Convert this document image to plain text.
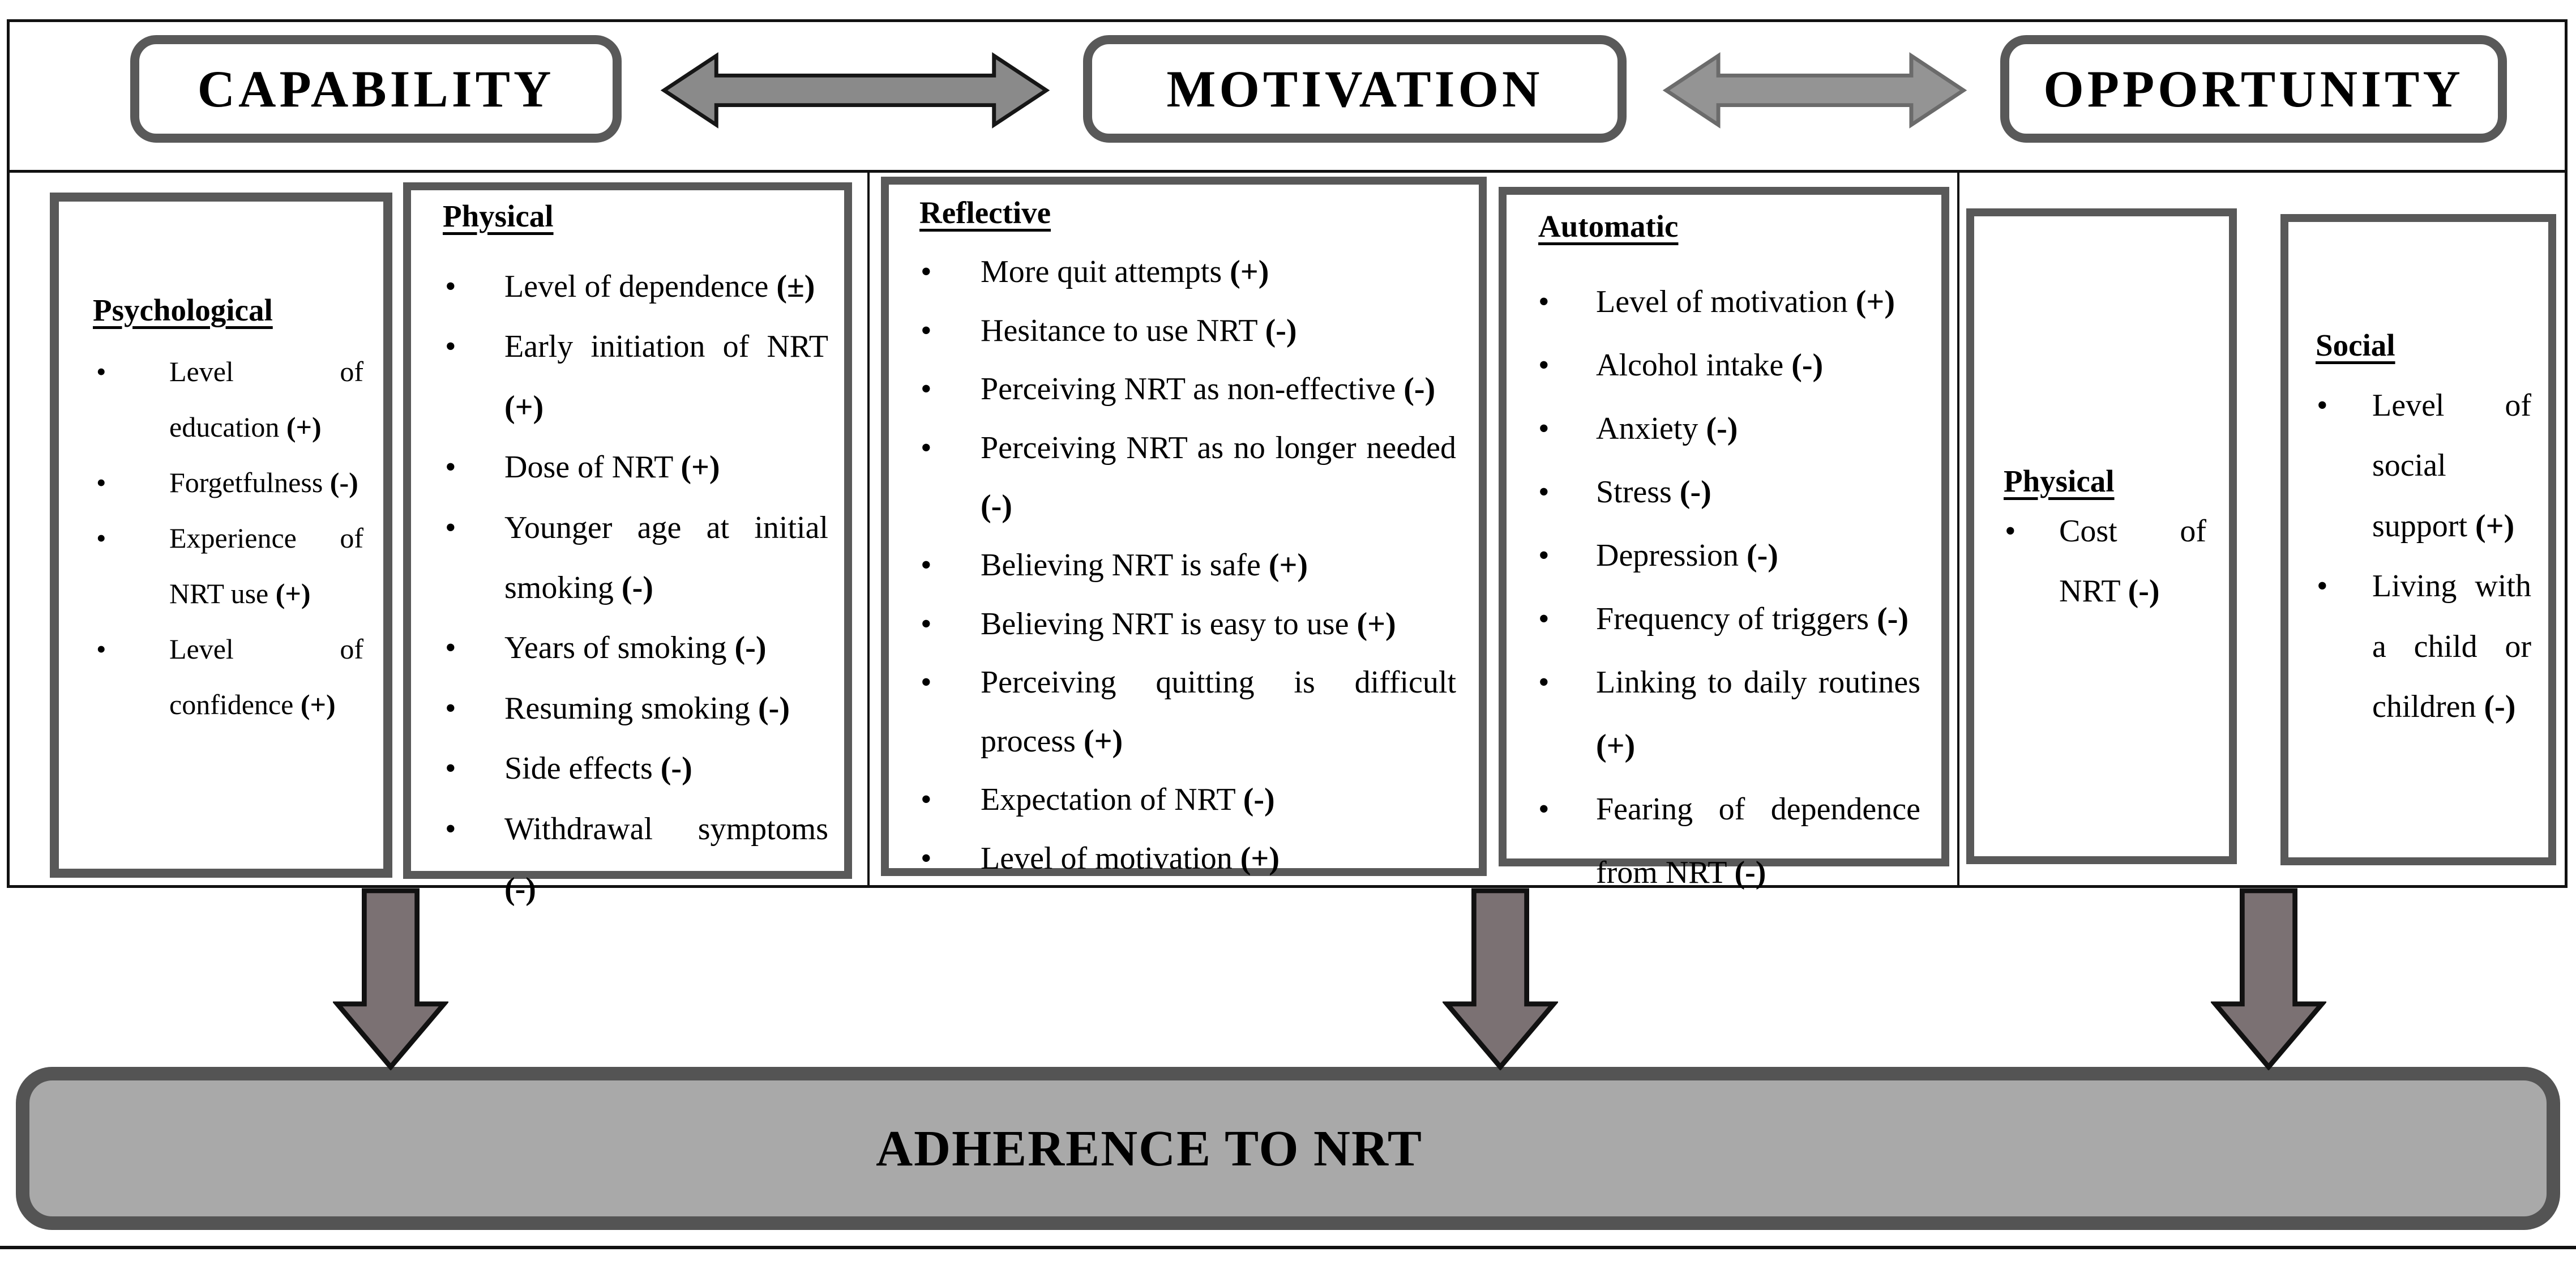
CAPABILITY	MOTIVATION	OPPORTUNITY
Psychological
• Level of education (+)
• Forgetfulness (-)
• Experience of NRT use (+)
• Level of confidence (+)
Physical
• Level of dependence (±)
• Early initiation of NRT (+)
• Dose of NRT (+)
• Younger age at initial smoking (-)
• Years of smoking (-)
• Resuming smoking (-)
• Side effects (-)
• Withdrawal symptoms (-)
Reflective
• More quit attempts (+)
• Hesitance to use NRT (-)
• Perceiving NRT as non-effective (-)
• Perceiving NRT as no longer needed (-)
• Believing NRT is safe (+)
• Believing NRT is easy to use (+)
• Perceiving quitting is difficult process (+)
• Expectation of NRT (-)
• Level of motivation (+)
Automatic
• Level of motivation (+)
• Alcohol intake (-)
• Anxiety (-)
• Stress (-)
• Depression (-)
• Frequency of triggers (-)
• Linking to daily routines (+)
• Fearing of dependence from NRT (-)
Physical
• Cost of NRT (-)
Social
• Level of social support (+)
• Living with a child or children (-)
ADHERENCE TO NRT
